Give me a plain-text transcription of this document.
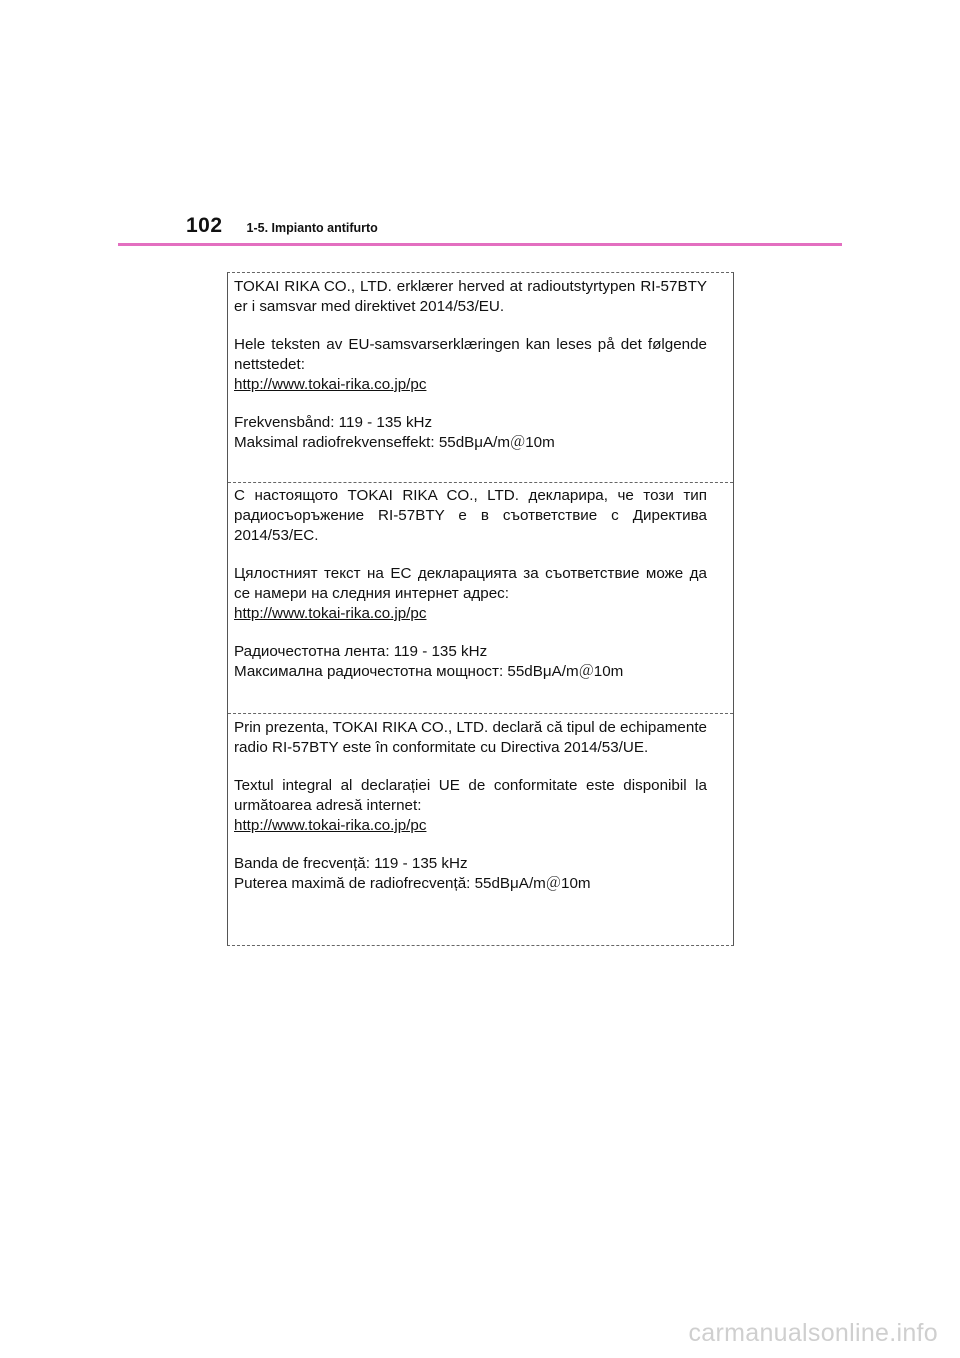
102 1-5. Impianto antifurto

TOKAI RIKA CO., LTD. erklærer herved at radioutstyrtypen RI-57BTY er i samsvar med direktivet 2014/53/EU.

Hele teksten av EU-samsvarserklæringen kan leses på det følgende nettstedet:
http://www.tokai-rika.co.jp/pc

Frekvensbånd: 119 - 135 kHz
Maksimal radiofrekvenseffekt: 55dBμA/m＠10m

С настоящото TOKAI RIKA CO., LTD. декларира, че този тип радиосъоръжение RI-57BTY е в съответствие с Директива 2014/53/ЕС.

Цялостният текст на ЕС декларацията за съответствие може да се намери на следния интернет адрес:
http://www.tokai-rika.co.jp/pc

Радиочестотна лента: 119 - 135 kHz
Максимална радиочестотна мощност: 55dBμA/m＠10m

Prin prezenta, TOKAI RIKA CO., LTD. declară că tipul de echipamente radio RI-57BTY este în conformitate cu Directiva 2014/53/UE.

Textul integral al declarației UE de conformitate este disponibil la următoarea adresă internet:
http://www.tokai-rika.co.jp/pc

Banda de frecvență: 119 - 135 kHz
Puterea maximă de radiofrecvență: 55dBμA/m＠10m

carmanualsonline.info
